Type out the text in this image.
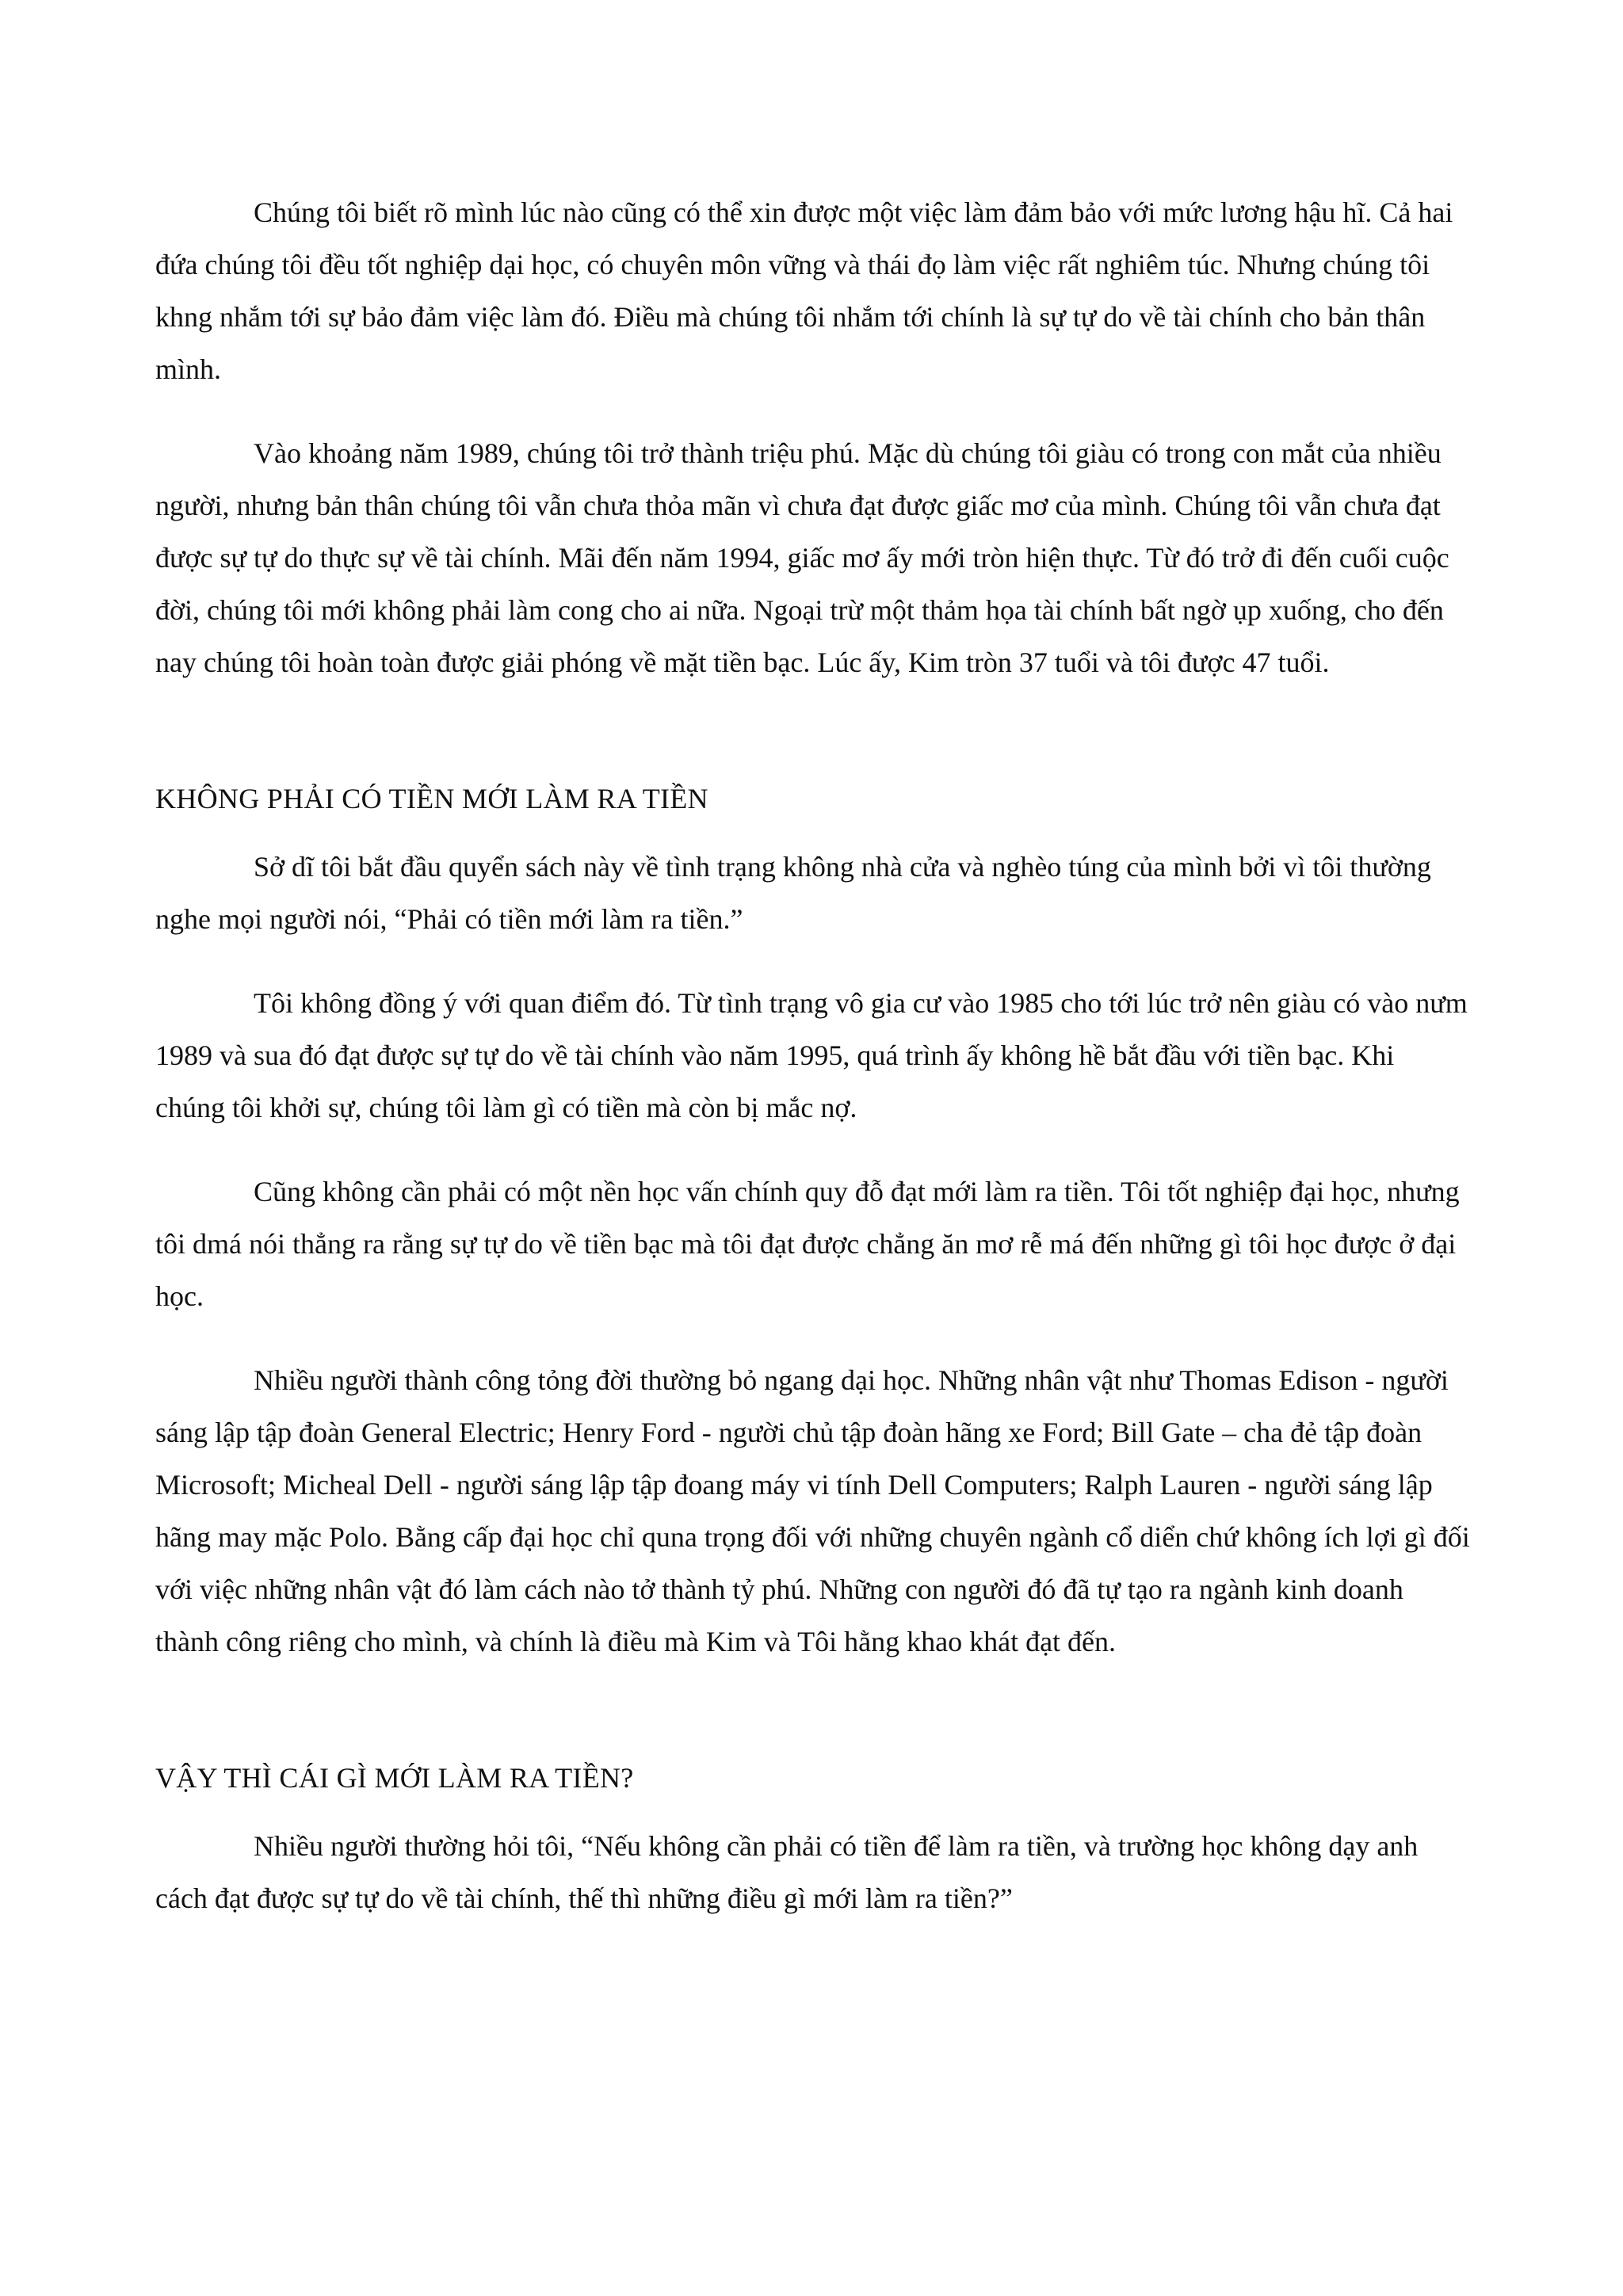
Chúng tôi biết rõ mình lúc nào cũng có thể xin được một việc làm đảm bảo với mức lương hậu hĩ. Cả hai đứa chúng tôi đều tốt nghiệp dại học, có chuyên môn vững và thái đọ làm việc rất nghiêm túc. Nhưng chúng tôi khng nhắm tới sự bảo đảm việc làm đó. Điều mà chúng tôi nhắm tới chính là sự tự do về tài chính cho bản thân mình.

Vào khoảng năm 1989, chúng tôi trở thành triệu phú. Mặc dù chúng tôi giàu có trong con mắt của nhiều người, nhưng bản thân chúng tôi vẫn chưa thỏa mãn vì chưa đạt được giấc mơ của mình. Chúng tôi vẫn chưa đạt được sự tự do thực sự về tài chính. Mãi đến năm 1994, giấc mơ ấy mới tròn hiện thực. Từ đó trở đi đến cuối cuộc đời, chúng tôi mới không phải làm cong cho ai nữa. Ngoại trừ một thảm họa tài chính bất ngờ ụp xuống, cho đến nay chúng tôi hoàn toàn được giải phóng về mặt tiền bạc. Lúc ấy, Kim tròn 37 tuổi và tôi được 47 tuổi.

KHÔNG PHẢI CÓ TIỀN MỚI LÀM RA TIỀN

Sở dĩ tôi bắt đầu quyển sách này về tình trạng không nhà cửa và nghèo túng của mình bởi vì tôi thường nghe mọi người nói, “Phải có tiền mới làm ra tiền.”

Tôi không đồng ý với quan điểm đó. Từ tình trạng vô gia cư vào 1985 cho tới lúc trở nên giàu có vào nưm 1989 và sua đó đạt được sự tự do về tài chính vào năm 1995, quá trình ấy không hề bắt đầu với tiền bạc. Khi chúng tôi khởi sự, chúng tôi làm gì có tiền mà còn bị mắc nợ.

Cũng không cần phải có một nền học vấn chính quy đỗ đạt mới làm ra tiền. Tôi tốt nghiệp đại học, nhưng tôi dmá nói thẳng ra rằng sự tự do về tiền bạc mà tôi đạt được chẳng ăn mơ rễ má đến những gì tôi học được ở đại học.

Nhiều người thành công tỏng đời thường bỏ ngang dại học. Những nhân vật như Thomas Edison - người sáng lập tập đoàn General Electric; Henry Ford - người chủ tập đoàn hãng xe Ford; Bill Gate – cha đẻ tập đoàn Microsoft; Micheal Dell - người sáng lập tập đoang máy vi tính Dell Computers; Ralph Lauren - người sáng lập hãng may mặc Polo. Bằng cấp đại học chỉ quna trọng đối với những chuyên ngành cổ diển chứ không ích lợi gì đối với việc những nhân vật đó làm cách nào tở thành tỷ phú. Những con người đó đã tự tạo ra ngành kinh doanh thành công riêng cho mình, và chính là điều mà Kim và Tôi hằng khao khát đạt đến.

VẬY THÌ CÁI GÌ MỚI LÀM RA TIỀN?

Nhiều người thường hỏi tôi, “Nếu không cần phải có tiền để làm ra tiền, và trường học không dạy anh cách đạt được sự tự do về tài chính, thế thì những điều gì mới làm ra tiền?”
